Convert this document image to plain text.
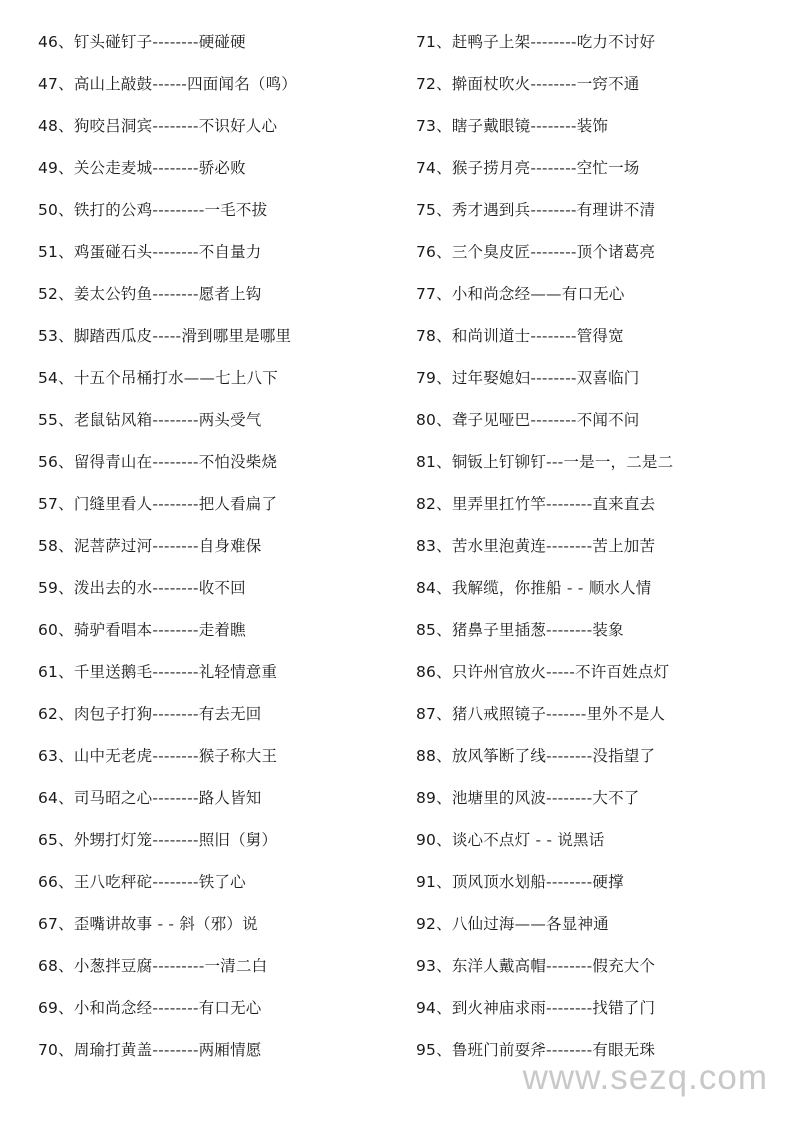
46、钉头碰钉子--------硬碰硬
47、高山上敲鼓------四面闻名（鸣）
48、狗咬吕洞宾--------不识好人心
49、关公走麦城--------骄必败
50、铁打的公鸡---------一毛不拔
51、鸡蛋碰石头--------不自量力
52、姜太公钓鱼--------愿者上钩
53、脚踏西瓜皮-----滑到哪里是哪里
54、十五个吊桶打水——七上八下
55、老鼠钻风箱--------两头受气
56、留得青山在--------不怕没柴烧
57、门缝里看人--------把人看扁了
58、泥菩萨过河--------自身难保
59、泼出去的水--------收不回
60、骑驴看唱本--------走着瞧
61、千里送鹅毛--------礼轻情意重
62、肉包子打狗--------有去无回
63、山中无老虎--------猴子称大王
64、司马昭之心--------路人皆知
65、外甥打灯笼--------照旧（舅）
66、王八吃秤砣--------铁了心
67、歪嘴讲故事 - - 斜（邪）说
68、小葱拌豆腐---------一清二白
69、小和尚念经--------有口无心
70、周瑜打黄盖--------两厢情愿
71、赶鸭子上架--------吃力不讨好
72、擀面杖吹火--------一窍不通
73、瞎子戴眼镜--------装饰
74、猴子捞月亮--------空忙一场
75、秀才遇到兵--------有理讲不清
76、三个臭皮匠--------顶个诸葛亮
77、小和尚念经——有口无心
78、和尚训道士--------管得宽
79、过年娶媳妇--------双喜临门
80、聋子见哑巴--------不闻不问
81、铜钣上钉铆钉---一是一，二是二
82、里弄里扛竹竿--------直来直去
83、苦水里泡黄连--------苦上加苦
84、我解缆，你推船 - - 顺水人情
85、猪鼻子里插葱--------装象
86、只许州官放火-----不许百姓点灯
87、猪八戒照镜子-------里外不是人
88、放风筝断了线--------没指望了
89、池塘里的风波--------大不了
90、谈心不点灯 - - 说黑话
91、顶风顶水划船--------硬撑
92、八仙过海——各显神通
93、东洋人戴高帽--------假充大个
94、到火神庙求雨--------找错了门
95、鲁班门前耍斧--------有眼无珠
www.sezq.com
